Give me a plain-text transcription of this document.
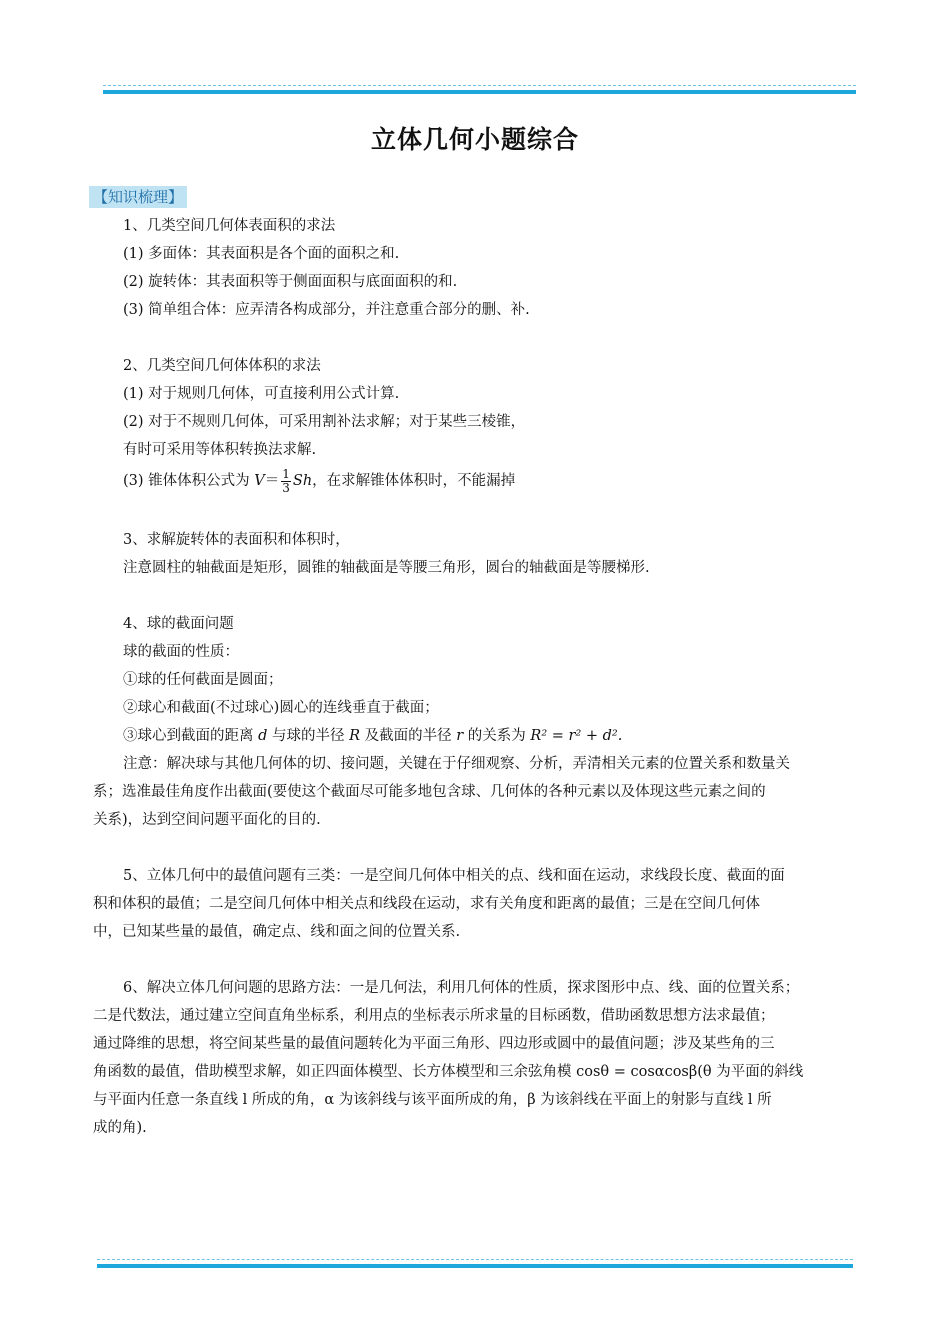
立体几何小题综合
【知识梳理】
1、几类空间几何体表面积的求法
(1) 多面体：其表面积是各个面的面积之和.
(2) 旋转体：其表面积等于侧面面积与底面面积的和.
(3) 简单组合体：应弄清各构成部分，并注意重合部分的删、补.
2、几类空间几何体体积的求法
(1) 对于规则几何体，可直接利用公式计算.
(2) 对于不规则几何体，可采用割补法求解；对于某些三棱锥，
有时可采用等体积转换法求解.
(3) 锥体体积公式为 $V= \frac{1}{3}$ Sh，在求解锥体体积时，不能漏掉
3、求解旋转体的表面积和体积时，
注意圆柱的轴截面是矩形，圆锥的轴截面是等腰三角形，圆台的轴截面是等腰梯形.
4、球的截面问题
球的截面的性质：
①球的任何截面是圆面；
②球心和截面(不过球心)圆心的连线垂直于截面；
③球心到截面的距离 d 与球的半径 R 及截面的半径 r 的关系为 R² = r² + d².
注意：解决球与其他几何体的切、接问题，关键在于仔细观察、分析，弄清相关元素的位置关系和数量关
系；选准最佳角度作出截面(要使这个截面尽可能多地包含球、几何体的各种元素以及体现这些元素之间的
关系)，达到空间问题平面化的目的.
5、立体几何中的最值问题有三类：一是空间几何体中相关的点、线和面在运动，求线段长度、截面的面
积和体积的最值；二是空间几何体中相关点和线段在运动，求有关角度和距离的最值；三是在空间几何体
中，已知某些量的最值，确定点、线和面之间的位置关系.
6、解决立体几何问题的思路方法：一是几何法，利用几何体的性质，探求图形中点、线、面的位置关系；
二是代数法，通过建立空间直角坐标系，利用点的坐标表示所求量的目标函数，借助函数思想方法求最值；
通过降维的思想，将空间某些量的最值问题转化为平面三角形、四边形或圆中的最值问题；涉及某些角的三
角函数的最值，借助模型求解，如正四面体模型、长方体模型和三余弦角模 cosθ = cosαcosβ(θ 为平面的斜线
与平面内任意一条直线 l 所成的角，α 为该斜线与该平面所成的角，β 为该斜线在平面上的射影与直线 l 所
成的角).
